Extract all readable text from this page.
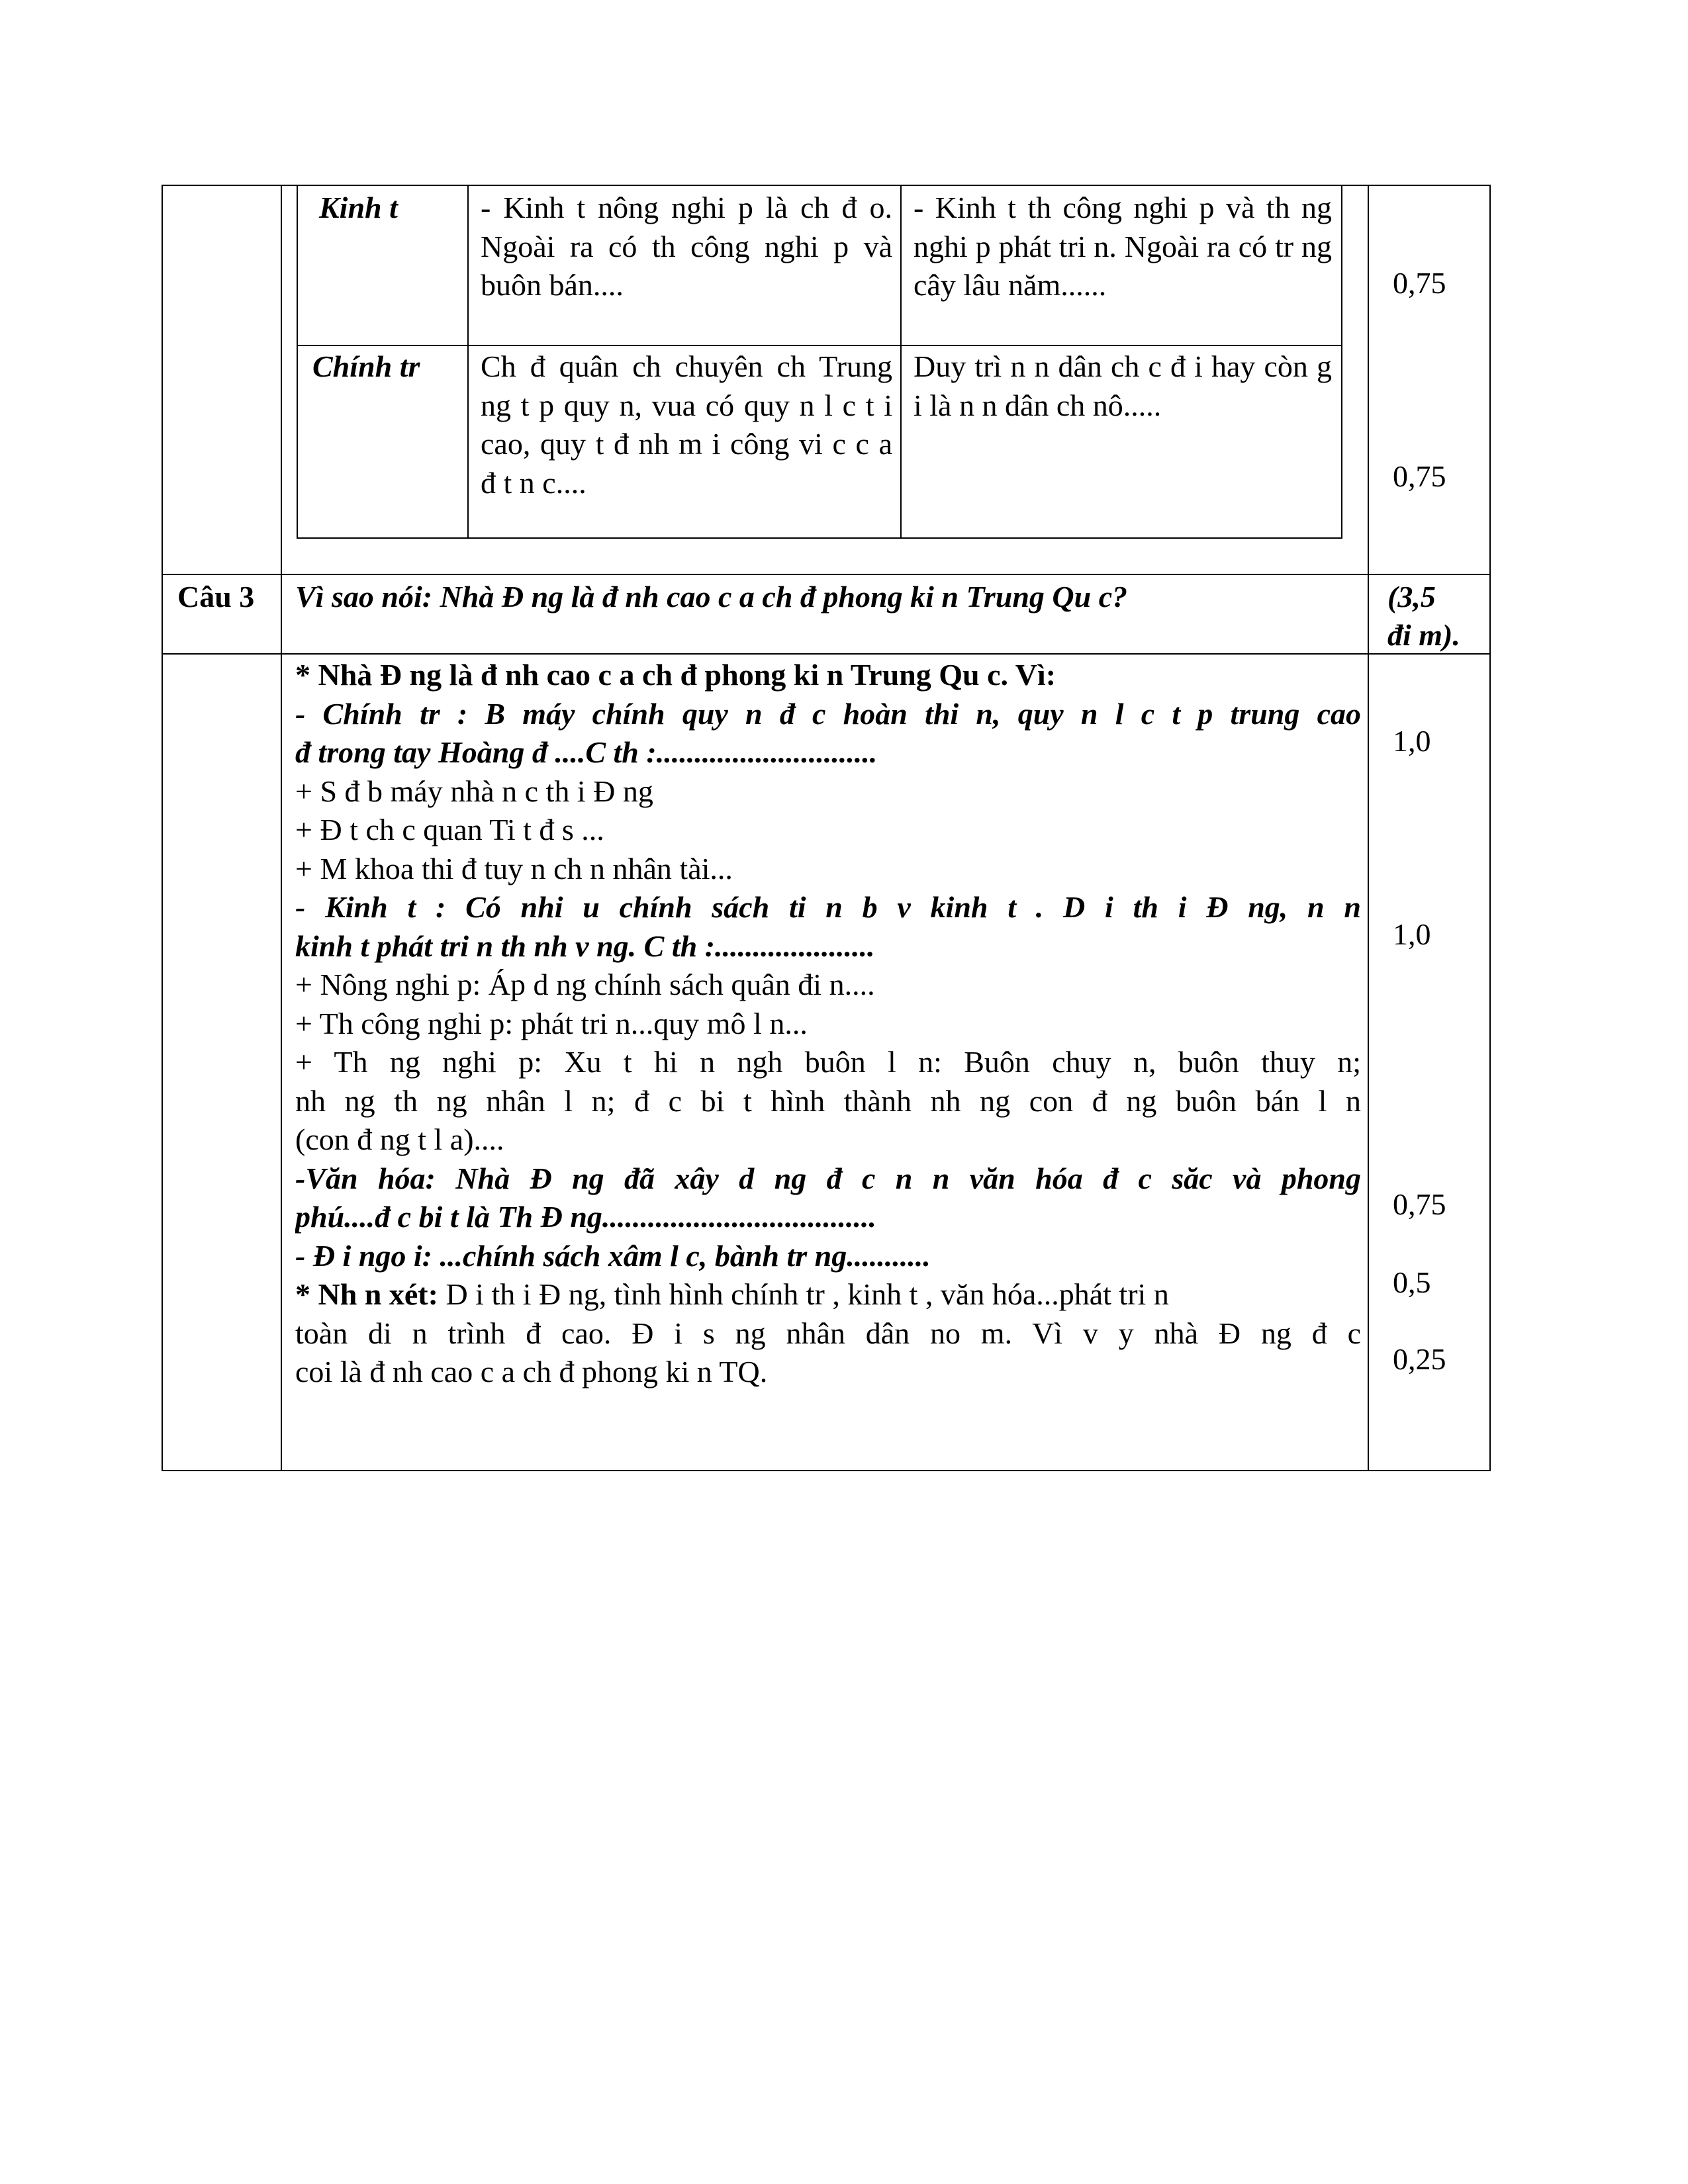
Kinh t	- Kinh t nông nghi p là ch đ o. Ngoài ra có th công nghi p và buôn bán....
- Kinh t th công nghi p và th ng nghi p phát tri n. Ngoài ra có tr ng cây lâu năm......
Chính tr Ch đ quân ch chuyên ch Trung ng t p quy n, vua có quy n l c t i cao, quy t đ nh m i công vi c c a đ t n c....
Duy trì n n dân ch c đ i hay còn g i là n n dân ch nô.....
0,75
0,75
Câu 3 Vì sao nói: Nhà Đ ng là đ nh cao c a ch đ phong ki n Trung Qu c?	(3,5
đi m).
* Nhà Đ ng là đ nh cao c a ch đ phong ki n Trung Qu c. Vì:
- Chính tr : B máy chính quy n đ c hoàn thi n, quy n l c t p trung cao
đ trong tay Hoàng đ ....C th :.............................
+ S đ b máy nhà n c th i Đ ng
+ Đ t ch c quan Ti t đ s ...
+ M khoa thi đ tuy n ch n nhân tài...
- Kinh t : Có nhi u chính sách ti n b v kinh t . D i th i Đ ng, n n
kinh t phát tri n th nh v ng. C th :.....................
+ Nông nghi p: Áp d ng chính sách quân đi n....
+ Th công nghi p: phát tri n...quy mô l n...
+ Th ng nghi p: Xu t hi n ngh buôn l n: Buôn chuy n, buôn thuy n;
nh ng th ng nhân l n; đ c bi t hình thành nh ng con đ ng buôn bán l n
(con đ ng t l a)....
-Văn hóa: Nhà Đ ng đã xây d ng đ c n n văn hóa đ c săc và phong
phú....đ c bi t là Th Đ ng....................................
- Đ i ngo i: ...chính sách xâm l c, bành tr ng...........
* Nh n xét: D i th i Đ ng, tình hình chính tr , kinh t , văn hóa...phát tri n
toàn di n trình đ cao. Đ i s ng nhân dân no m. Vì v y nhà Đ ng đ c
coi là đ nh cao c a ch đ phong ki n TQ.
1,0
1,0
0,75
0,5
0,25
